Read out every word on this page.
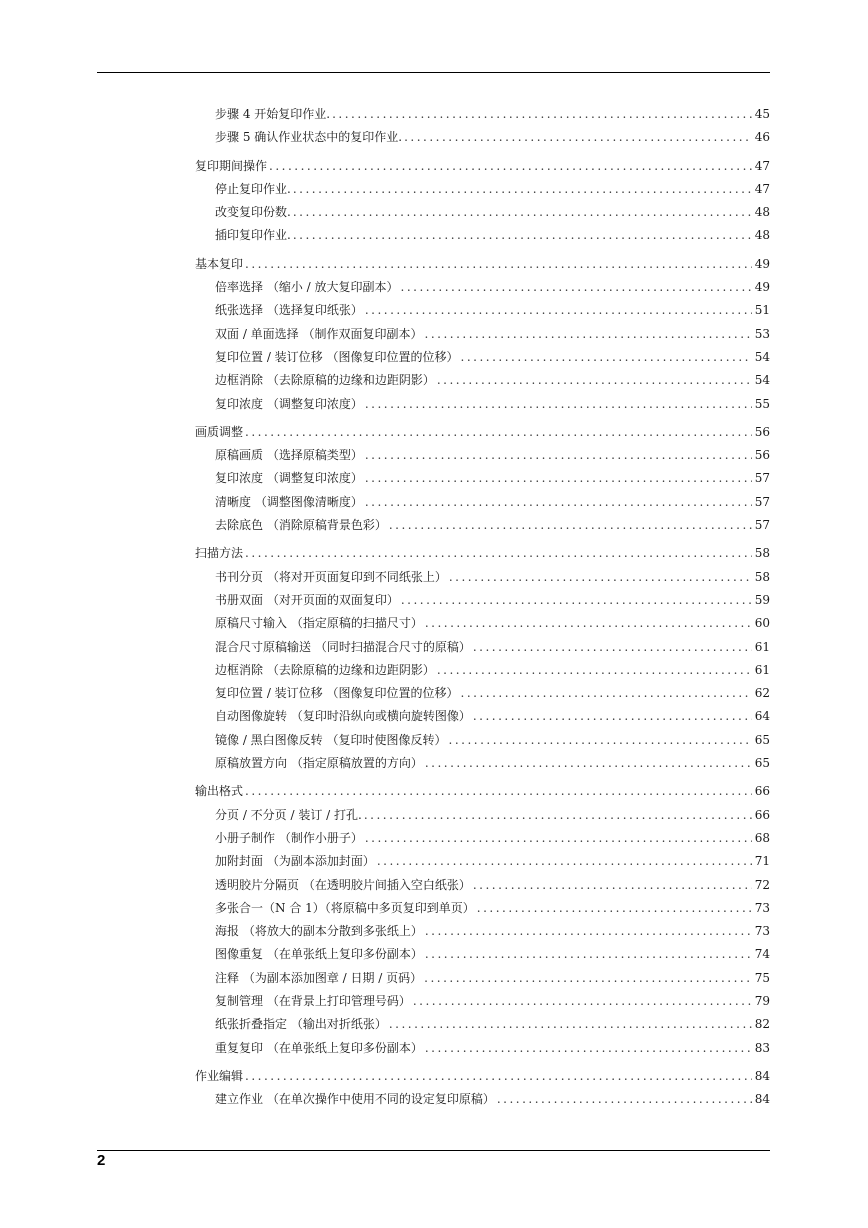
步骤 4 开始复印作业. .....	45
步骤 5 确认作业状态中的复印作业. .....	46
复印期间操作 .....	47
停止复印作业. .....	47
改变复印份数. .....	48
插印复印作业. .....	48
基本复印 .....	49
倍率选择 （缩小 / 放大复印副本） .....	49
纸张选择 （选择复印纸张） .....	51
双面 / 单面选择 （制作双面复印副本） .....	53
复印位置 / 装订位移 （图像复印位置的位移） .....	54
边框消除 （去除原稿的边缘和边距阴影） .....	54
复印浓度 （调整复印浓度） .....	55
画质调整 .....	56
原稿画质 （选择原稿类型） .....	56
复印浓度 （调整复印浓度） .....	57
清晰度 （调整图像清晰度） .....	57
去除底色 （消除原稿背景色彩） .....	57
扫描方法 .....	58
书刊分页 （将对开页面复印到不同纸张上） .....	58
书册双面 （对开页面的双面复印） .....	59
原稿尺寸输入 （指定原稿的扫描尺寸） .....	60
混合尺寸原稿输送 （同时扫描混合尺寸的原稿） .....	61
边框消除 （去除原稿的边缘和边距阴影） .....	61
复印位置 / 装订位移 （图像复印位置的位移） .....	62
自动图像旋转 （复印时沿纵向或横向旋转图像） .....	64
镜像 / 黑白图像反转 （复印时使图像反转） .....	65
原稿放置方向 （指定原稿放置的方向） .....	65
输出格式 .....	66
分页 / 不分页 / 装订 / 打孔. .....	66
小册子制作 （制作小册子） .....	68
加附封面 （为副本添加封面） .....	71
透明胶片分隔页 （在透明胶片间插入空白纸张） .....	72
多张合一（N 合 1）（将原稿中多页复印到单页） .....	73
海报 （将放大的副本分散到多张纸上） .....	73
图像重复 （在单张纸上复印多份副本） .....	74
注释 （为副本添加图章 / 日期 / 页码） .....	75
复制管理 （在背景上打印管理号码） .....	79
纸张折叠指定 （输出对折纸张） .....	82
重复复印 （在单张纸上复印多份副本） .....	83
作业编辑 .....	84
建立作业 （在单次操作中使用不同的设定复印原稿） .....	84
2
